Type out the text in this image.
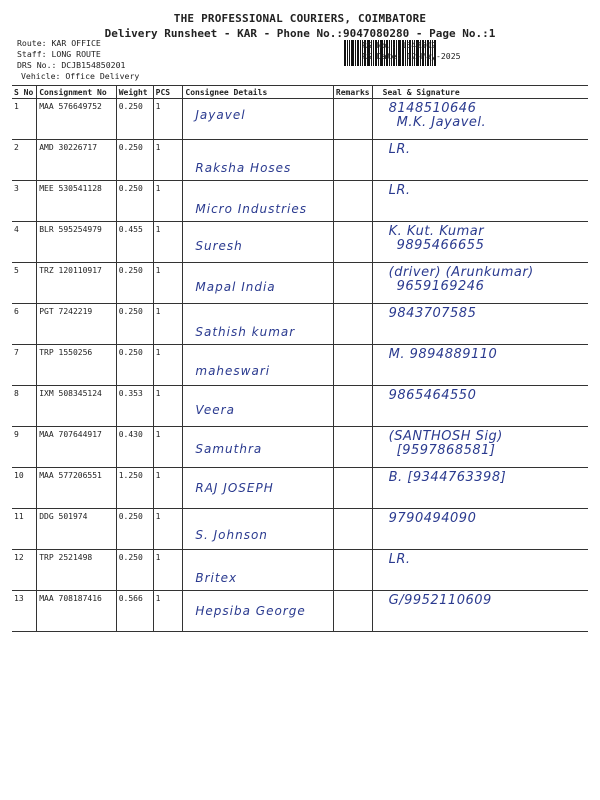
THE PROFESSIONAL COURIERS, COIMBATORE
Delivery Runsheet - KAR - Phone No.:9047080280 - Page No.:1
Route: KAR OFFICE
Staff: LONG ROUTE
DRS No.: DCJB154850201
Vehicle: Office Delivery
RS No.: 1548502
RS Date: 12-May-2025
S No	Consignment No	Weight	PCS	Consignee Details	Remarks	Seal & Signature
1	MAA 576649752	0.250	1	Jayavel		8148510646
M.K. Jayavel.

2	AMD 30226717	0.250	1	Raksha Hoses		LR.

3	MEE 530541128	0.250	1	Micro Industries		LR.

4	BLR 595254979	0.455	1	Suresh		K. Kut. Kumar
9895466655

5	TRZ 120110917	0.250	1	Mapal India		(driver) (Arunkumar)
9659169246

6	PGT 7242219	0.250	1	Sathish kumar		9843707585

7	TRP 1550256	0.250	1	maheswari		M. 9894889110

8	IXM 508345124	0.353	1	Veera		9865464550

9	MAA 707644917	0.430	1	Samuthra		(SANTHOSH Sig)
[9597868581]

10	MAA 577206551	1.250	1	RAJ JOSEPH		B. [9344763398]

11	DDG 501974	0.250	1	S. Johnson		9790494090

12	TRP 2521498	0.250	1	Britex		LR.

13	MAA 708187416	0.566	1	Hepsiba George		G/9952110609
